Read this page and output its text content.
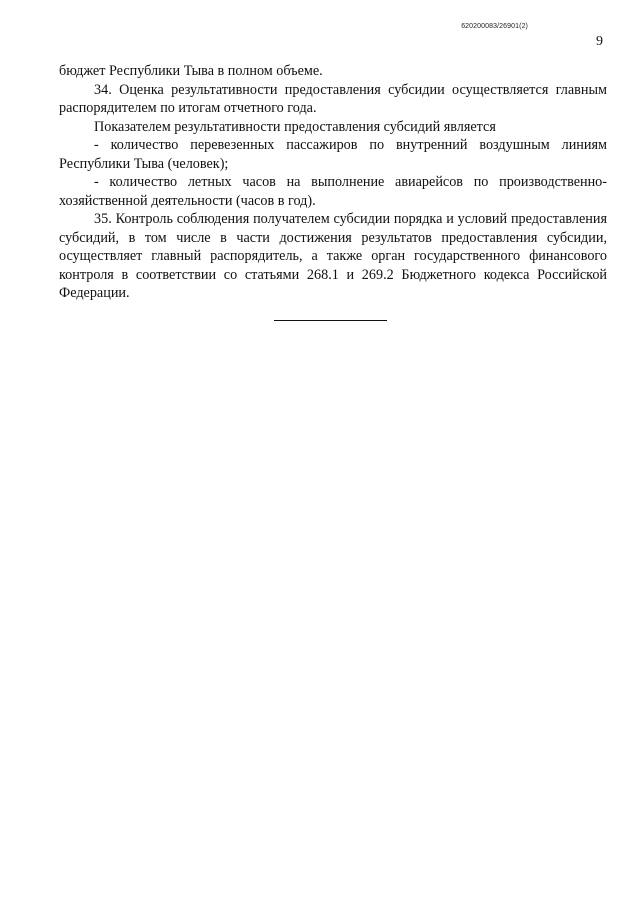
620200083/26901(2)
9

бюджет Республики Тыва в полном объеме.

34. Оценка результативности предоставления субсидии осуществляется главным распорядителем по итогам отчетного года.

Показателем результативности предоставления субсидий является

- количество перевезенных пассажиров по внутренний воздушным линиям Республики Тыва (человек);

- количество летных часов на выполнение авиарейсов по производственно-хозяйственной деятельности (часов в год).

35. Контроль соблюдения получателем субсидии порядка и условий предоставления субсидий, в том числе в части достижения результатов предоставления субсидии, осуществляет главный распорядитель, а также орган государственного финансового контроля в соответствии со статьями 268.1 и 269.2 Бюджетного кодекса Российской Федерации.
